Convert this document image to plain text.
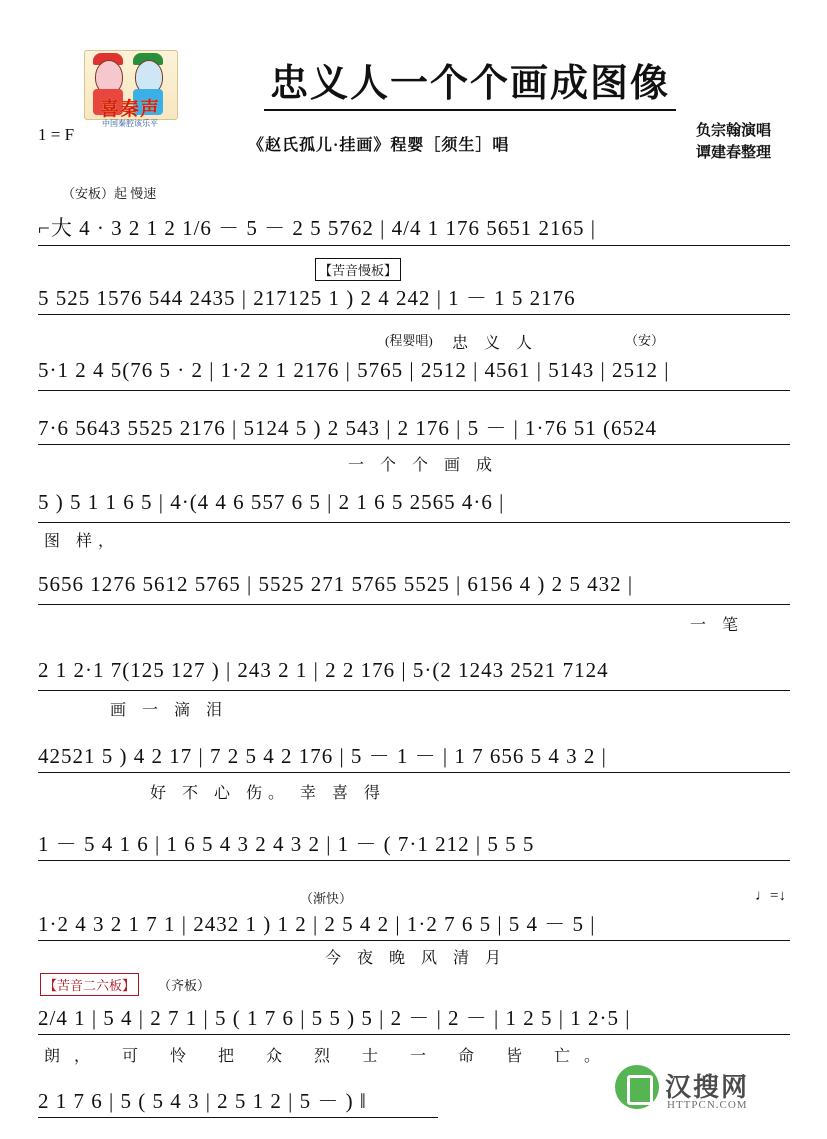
喜秦声
中国秦腔该乐平
忠义人一个个画成图像
1 = F
《赵氏孤儿·挂画》程婴［须生］唱
负宗翰演唱
谭建春整理
（安板）起 慢速
【苦音慢板】
(程婴唱)	（安）
（渐快）	♩=↓
【苦音二六板】	（齐板）
⌐大 4 · 3 2 1 2 1/6 － 5 － 2 5 5762 | 4/4 1 176 5651 2165 |
5 525 1576 544 2435 | 217125 1 ) 2 4 242 | 1 － 1 5 2176
5·1 2 4 5(76 5 · 2 | 1·2 2 1 2176 | 5765 | 2512 | 4561 | 5143 | 2512 |
忠 义 人
7·6 5643 5525 2176 | 5124 5 ) 2 543 | 2 176 | 5 － | 1·76 51 (6524
一 个 个 画 成
5 ) 5 1 1 6 5 | 4·(4 4 6 557 6 5 | 2 1 6 5 2565 4·6 |
图 样，
5656 1276 5612 5765 | 5525 271 5765 5525 | 6156 4 ) 2 5 432 |
一 笔
2 1 2·1 7(125 127 ) | 243 2 1 | 2 2 176 | 5·(2 1243 2521 7124
画 一 滴 泪
42521 5 ) 4 2 17 | 7 2 5 4 2 176 | 5 － 1 － | 1 7 656 5 4 3 2 |
好 不 心 伤。 幸 喜 得
1 － 5 4 1 6 | 1 6 5 4 3 2 4 3 2 | 1 － ( 7·1 212 | 5 5 5
1·2 4 3 2 1 7 1 | 2432 1 ) 1 2 | 2 5 4 2 | 1·2 7 6 5 | 5 4 － 5 |
今 夜 晚 风 清 月
2/4 1 | 5 4 | 2 7 1 | 5 ( 1 7 6 | 5 5 ) 5 | 2 － | 2 － | 1 2 5 | 1 2·5 |
朗， 可 怜 把 众 烈 士 一 命 皆 亡。
2 1 7 6 | 5 ( 5 4 3 | 2 5 1 2 | 5 － ) ‖	汉搜网
HTTPCN.COM
